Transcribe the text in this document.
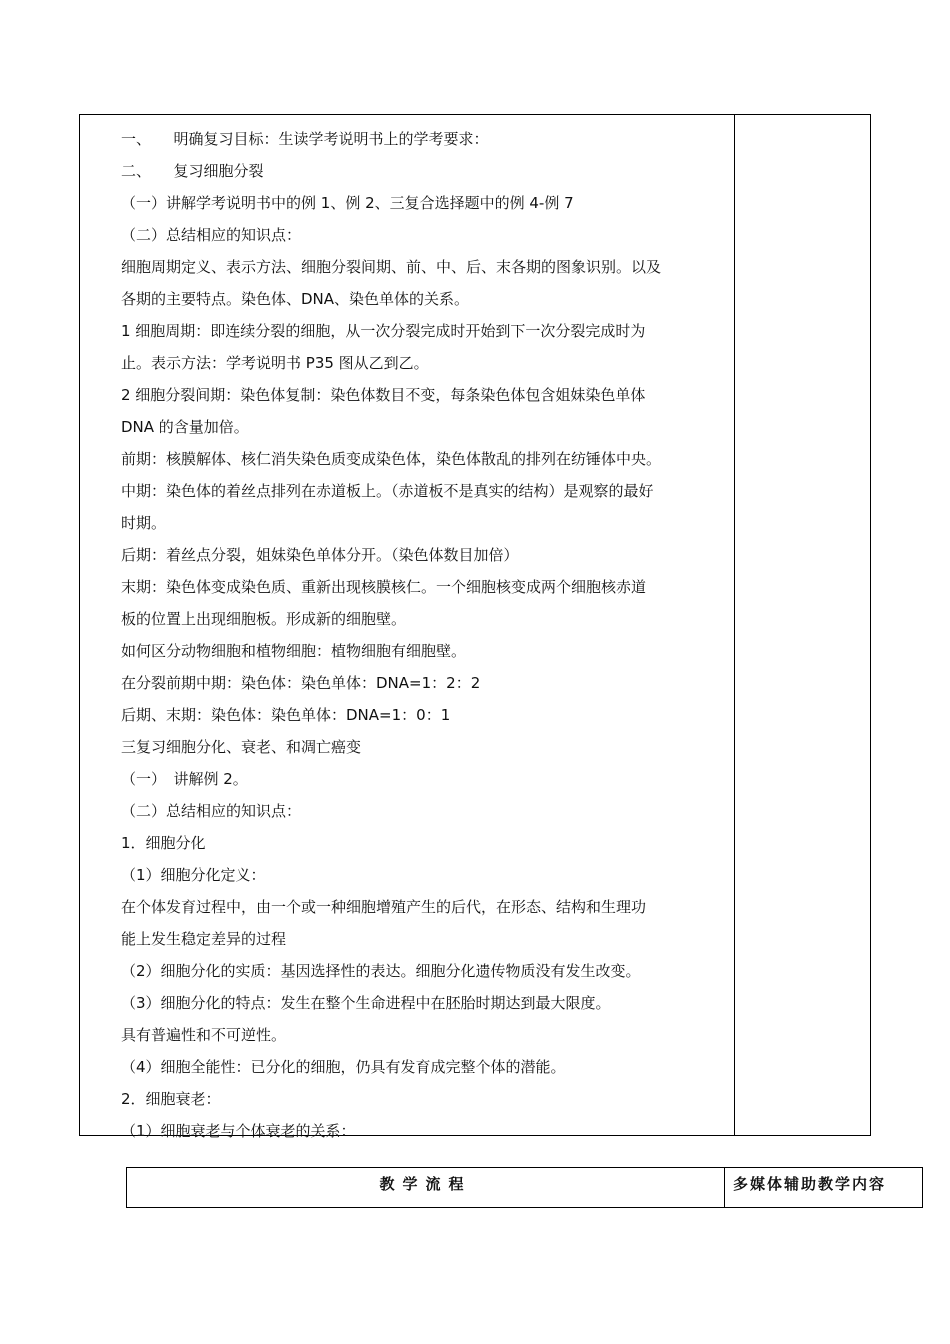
一、　　明确复习目标：生读学考说明书上的学考要求：
二、　　复习细胞分裂
（一）讲解学考说明书中的例 1、例 2、三复合选择题中的例 4-例 7
（二）总结相应的知识点：
细胞周期定义、表示方法、细胞分裂间期、前、中、后、末各期的图象识别。以及
各期的主要特点。染色体、DNA、染色单体的关系。
1 细胞周期：即连续分裂的细胞，从一次分裂完成时开始到下一次分裂完成时为
止。表示方法：学考说明书 P35 图从乙到乙。
2 细胞分裂间期：染色体复制：染色体数目不变，每条染色体包含姐妹染色单体
DNA 的含量加倍。
前期：核膜解体、核仁消失染色质变成染色体，染色体散乱的排列在纺锤体中央。
中期：染色体的着丝点排列在赤道板上。（赤道板不是真实的结构）是观察的最好
时期。
后期：着丝点分裂，姐妹染色单体分开。（染色体数目加倍）
末期：染色体变成染色质、重新出现核膜核仁。一个细胞核变成两个细胞核赤道
板的位置上出现细胞板。形成新的细胞壁。
如何区分动物细胞和植物细胞：植物细胞有细胞壁。
在分裂前期中期：染色体：染色单体：DNA=1：2：2
后期、末期：染色体：染色单体：DNA=1：0：1
三复习细胞分化、衰老、和凋亡癌变
（一）　讲解例 2。
（二）总结相应的知识点：
1．细胞分化
（1）细胞分化定义：
在个体发育过程中，由一个或一种细胞增殖产生的后代，在形态、结构和生理功
能上发生稳定差异的过程
（2）细胞分化的实质：基因选择性的表达。细胞分化遗传物质没有发生改变。
（3）细胞分化的特点：发生在整个生命进程中在胚胎时期达到最大限度。
具有普遍性和不可逆性。
（4）细胞全能性：已分化的细胞，仍具有发育成完整个体的潜能。
2．细胞衰老：
（1）细胞衰老与个体衰老的关系：
教学流程	多媒体辅助教学内容
